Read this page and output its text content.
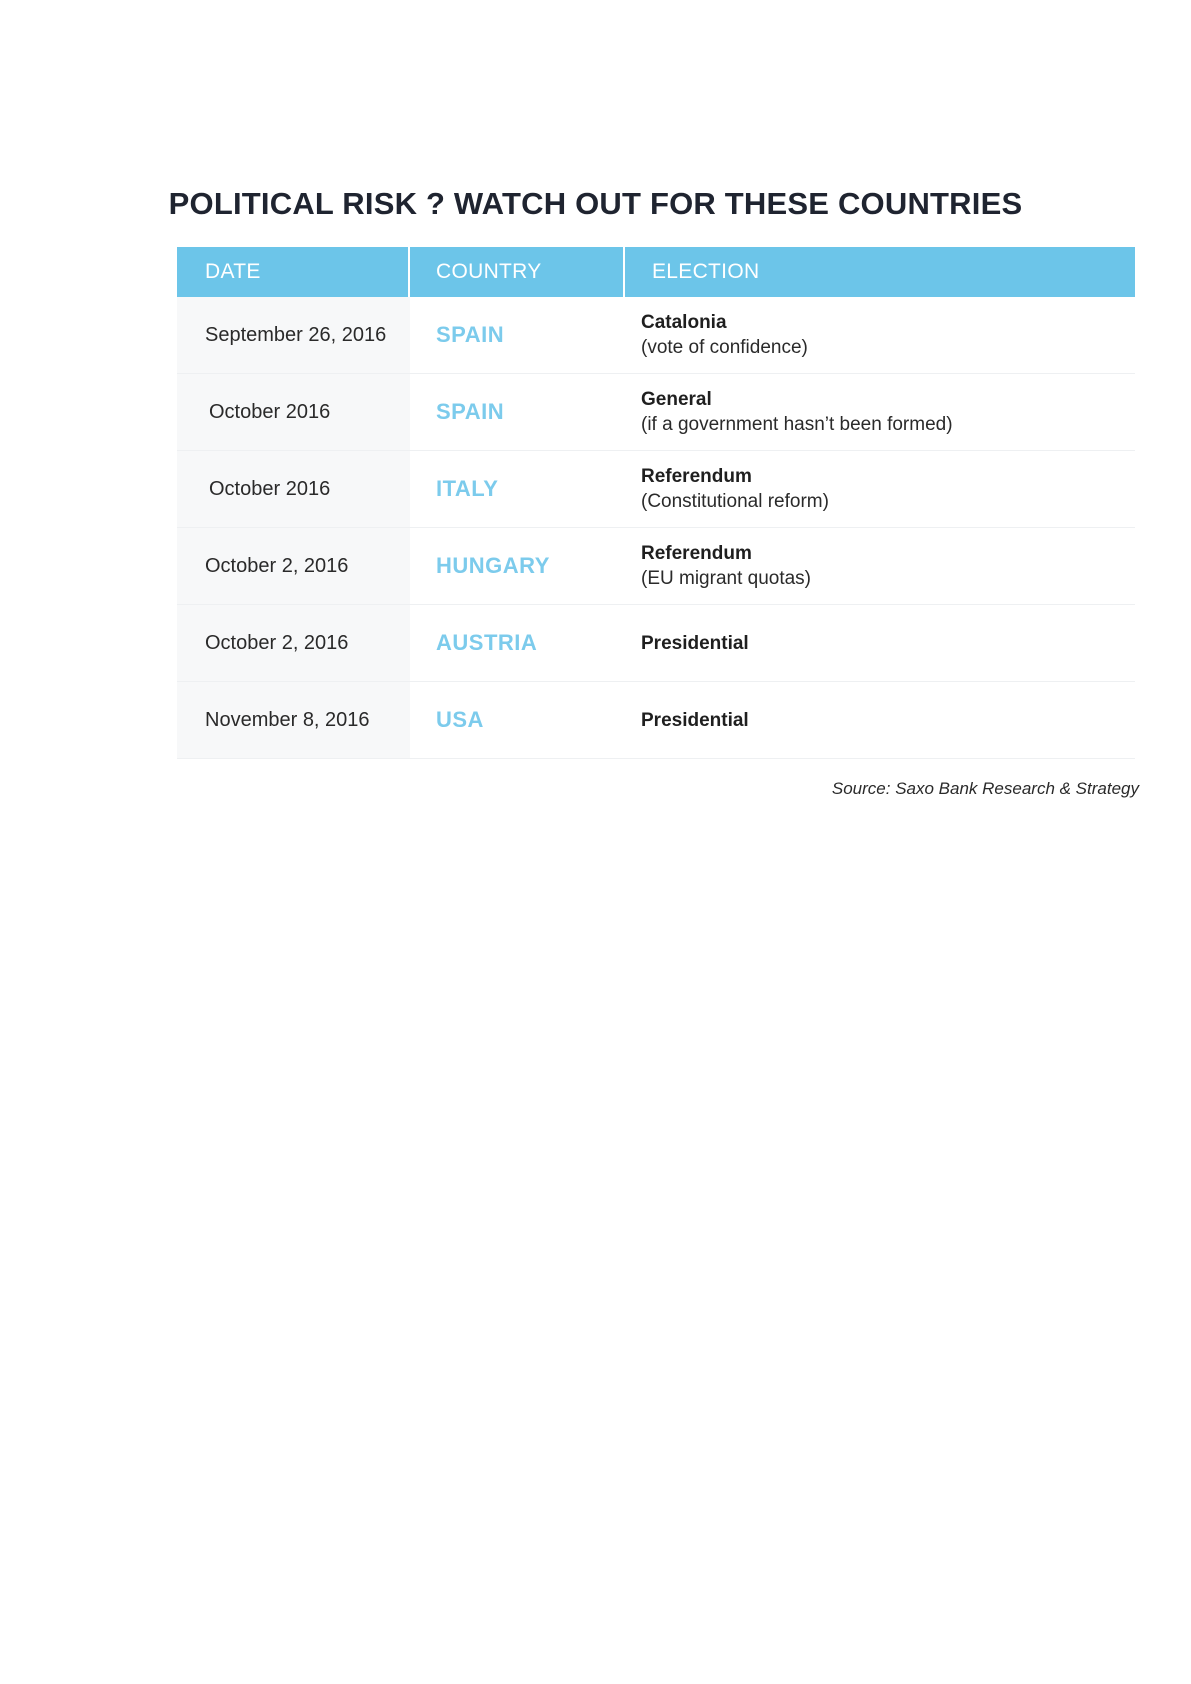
POLITICAL RISK ? WATCH OUT FOR THESE COUNTRIES
DATE	COUNTRY	ELECTION
September 26, 2016	SPAIN	Catalonia
(vote of confidence)
October 2016	SPAIN	General
(if a government hasn’t been formed)
October 2016	ITALY	Referendum
(Constitutional reform)
October 2, 2016	HUNGARY	Referendum
(EU migrant quotas)
October 2, 2016	AUSTRIA	Presidential
November 8, 2016	USA	Presidential
Source: Saxo Bank Research & Strategy
